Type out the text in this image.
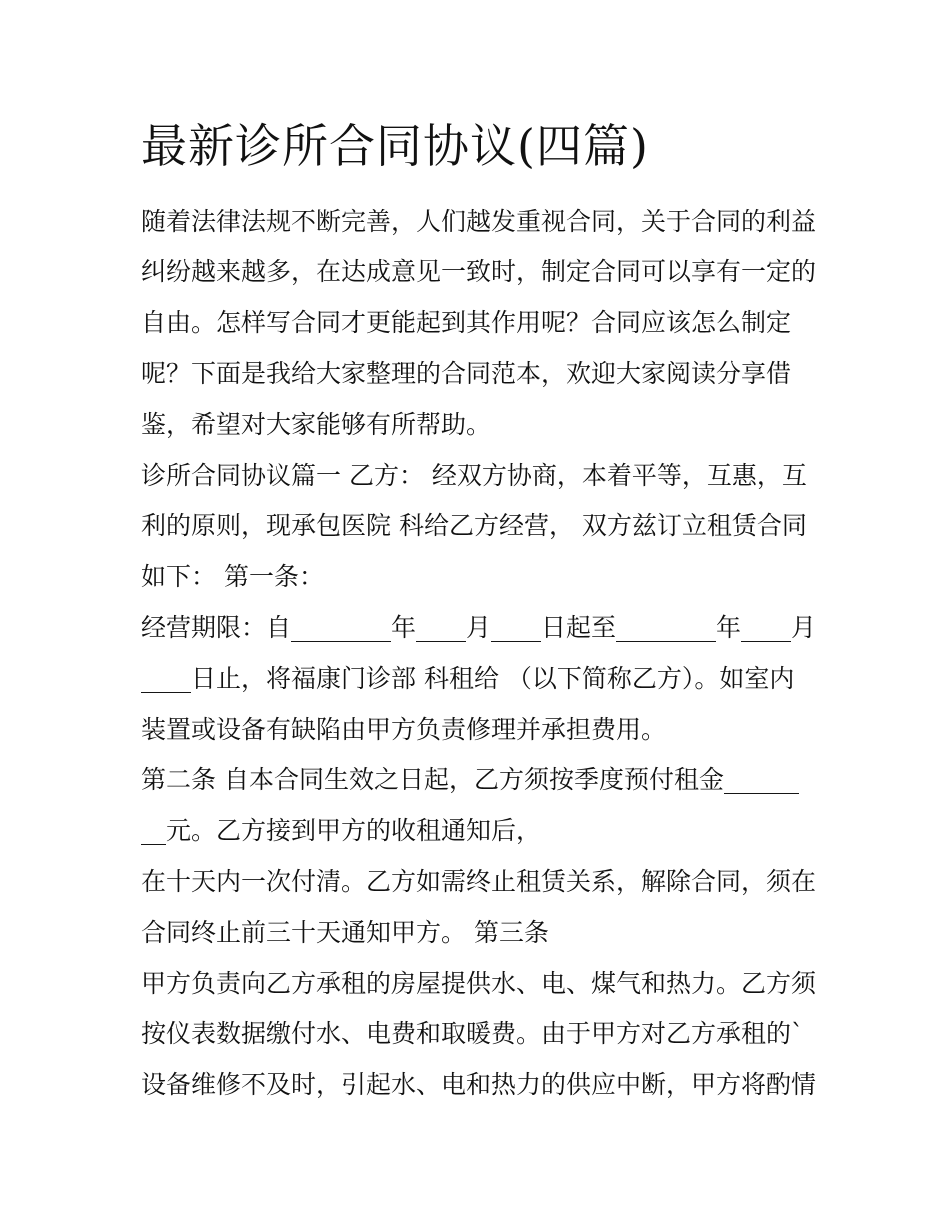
最新诊所合同协议(四篇)
随着法律法规不断完善，人们越发重视合同，关于合同的利益
纠纷越来越多，在达成意见一致时，制定合同可以享有一定的
自由。怎样写合同才更能起到其作用呢？合同应该怎么制定
呢？下面是我给大家整理的合同范本，欢迎大家阅读分享借
鉴，希望对大家能够有所帮助。
诊所合同协议篇一 乙方： 经双方协商，本着平等，互惠，互
利的原则，现承包医院 科给乙方经营， 双方兹订立租赁合同
如下： 第一条：
经营期限：自________年____月____日起至________年____月
____日止，将福康门诊部 科租给 （以下简称乙方）。如室内
装置或设备有缺陷由甲方负责修理并承担费用。
第二条 自本合同生效之日起，乙方须按季度预付租金______
__元。乙方接到甲方的收租通知后，
在十天内一次付清。乙方如需终止租赁关系，解除合同，须在
合同终止前三十天通知甲方。 第三条
甲方负责向乙方承租的房屋提供水、电、煤气和热力。乙方须
按仪表数据缴付水、电费和取暖费。由于甲方对乙方承租的`
设备维修不及时，引起水、电和热力的供应中断，甲方将酌情
